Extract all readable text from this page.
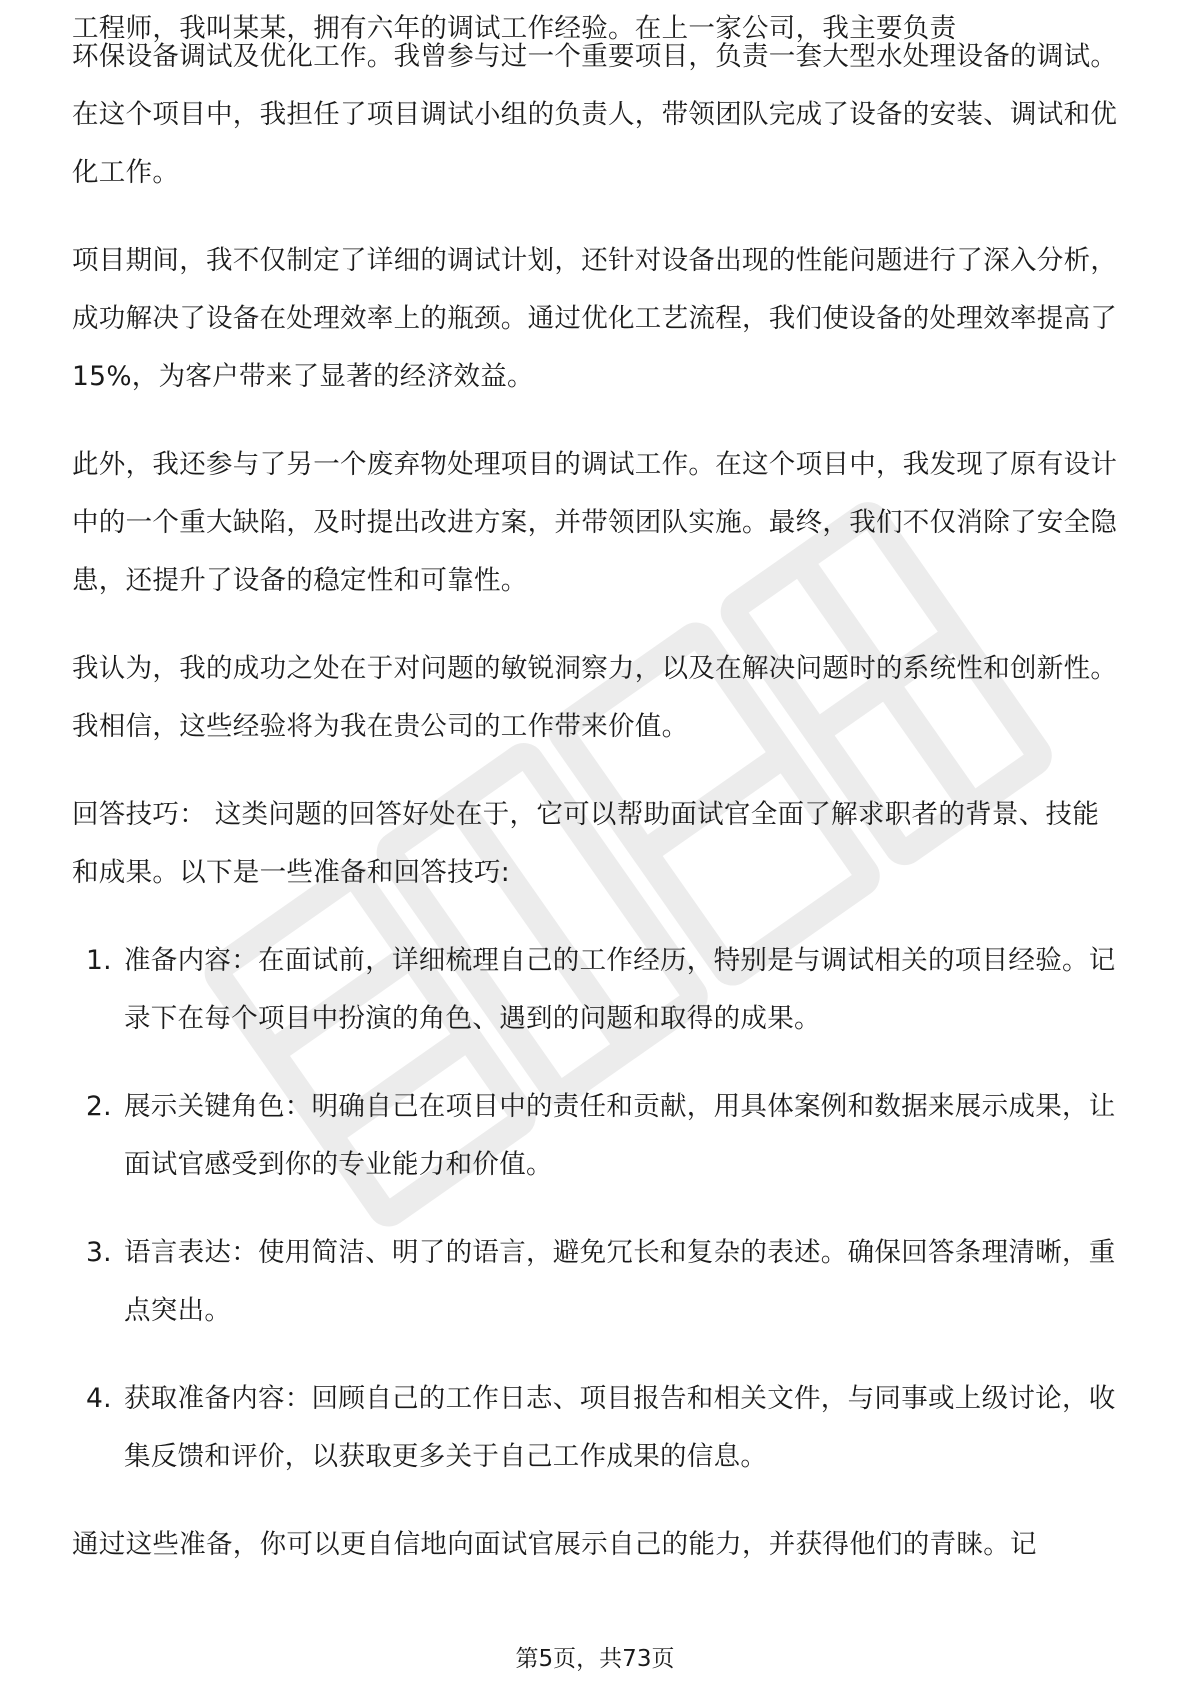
工程师，我叫某某，拥有六年的调试工作经验。在上一家公司，我主要负责

环保设备调试及优化工作。我曾参与过一个重要项目，负责一套大型水处理设备的调试。在这个项目中，我担任了项目调试小组的负责人，带领团队完成了设备的安装、调试和优化工作。

项目期间，我不仅制定了详细的调试计划，还针对设备出现的性能问题进行了深入分析，成功解决了设备在处理效率上的瓶颈。通过优化工艺流程，我们使设备的处理效率提高了15%，为客户带来了显著的经济效益。

此外，我还参与了另一个废弃物处理项目的调试工作。在这个项目中，我发现了原有设计中的一个重大缺陷，及时提出改进方案，并带领团队实施。最终，我们不仅消除了安全隐患，还提升了设备的稳定性和可靠性。

我认为，我的成功之处在于对问题的敏锐洞察力，以及在解决问题时的系统性和创新性。我相信，这些经验将为我在贵公司的工作带来价值。

回答技巧： 这类问题的回答好处在于，它可以帮助面试官全面了解求职者的背景、技能和成果。以下是一些准备和回答技巧:

1. 准备内容：在面试前，详细梳理自己的工作经历，特别是与调试相关的项目经验。记录下在每个项目中扮演的角色、遇到的问题和取得的成果。
2. 展示关键角色：明确自己在项目中的责任和贡献，用具体案例和数据来展示成果，让面试官感受到你的专业能力和价值。
3. 语言表达：使用简洁、明了的语言，避免冗长和复杂的表述。确保回答条理清晰，重点突出。
4. 获取准备内容：回顾自己的工作日志、项目报告和相关文件，与同事或上级讨论，收集反馈和评价，以获取更多关于自己工作成果的信息。

通过这些准备，你可以更自信地向面试官展示自己的能力，并获得他们的青睐。记

第5页，共73页
